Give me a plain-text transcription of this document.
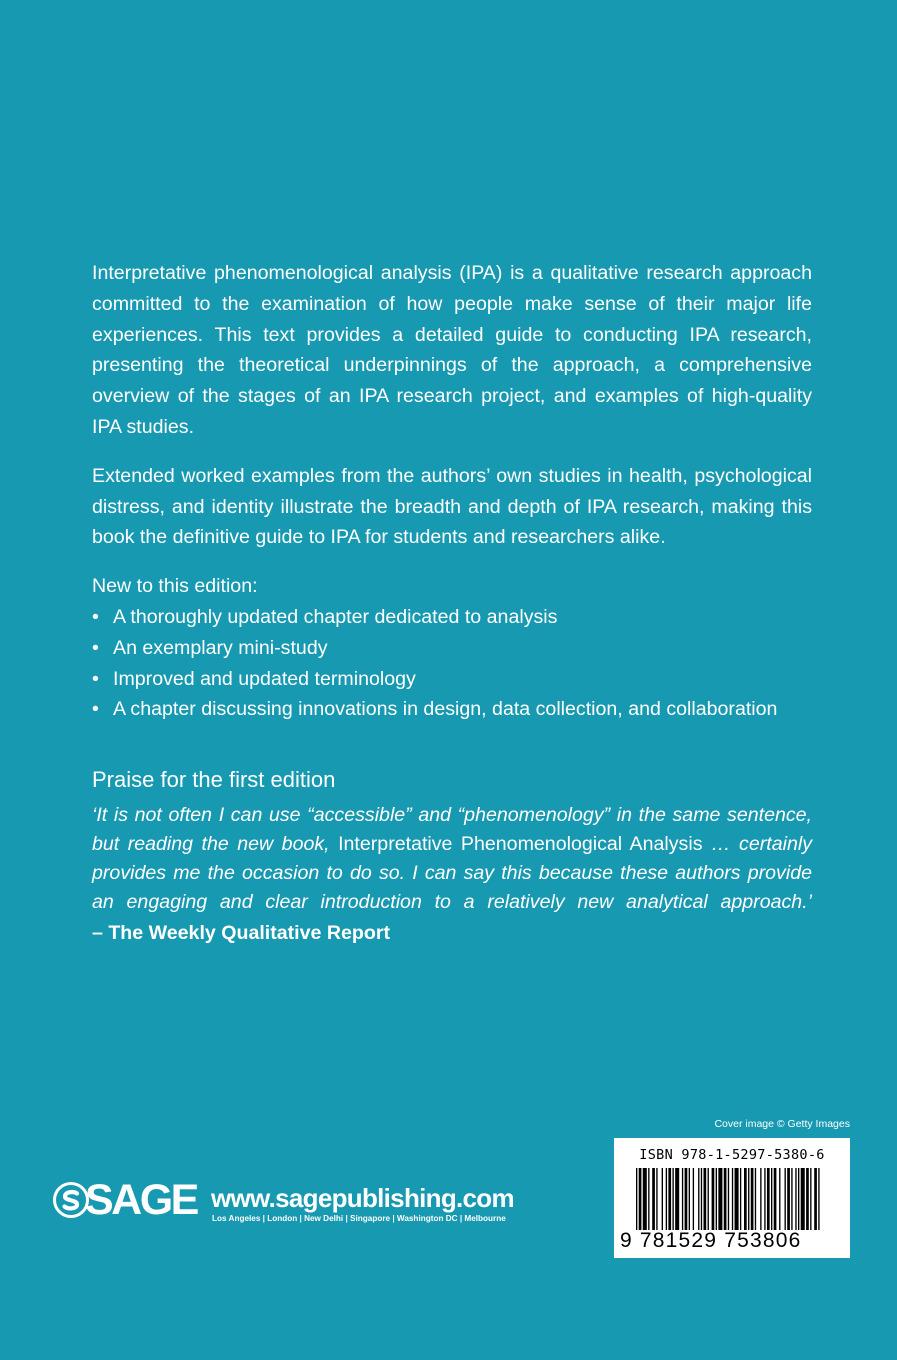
Interpretative phenomenological analysis (IPA) is a qualitative research approach committed to the examination of how people make sense of their major life experiences. This text provides a detailed guide to conducting IPA research, presenting the theoretical underpinnings of the approach, a comprehensive overview of the stages of an IPA research project, and examples of high-quality IPA studies.

Extended worked examples from the authors’ own studies in health, psychological distress, and identity illustrate the breadth and depth of IPA research, making this book the definitive guide to IPA for students and researchers alike.

New to this edition:

• A thoroughly updated chapter dedicated to analysis
• An exemplary mini-study
• Improved and updated terminology
• A chapter discussing innovations in design, data collection, and collaboration

Praise for the first edition

‘It is not often I can use “accessible” and “phenomenology” in the same sentence, but reading the new book, Interpretative Phenomenological Analysis … certainly provides me the occasion to do so. I can say this because these authors provide an engaging and clear introduction to a relatively new analytical approach.’

– The Weekly Qualitative Report

Cover image © Getty Images
ISBN 978-1-5297-5380-6
9 781529 753806
SAGE www.sagepublishing.com
Los Angeles | London | New Delhi | Singapore | Washington DC | Melbourne
